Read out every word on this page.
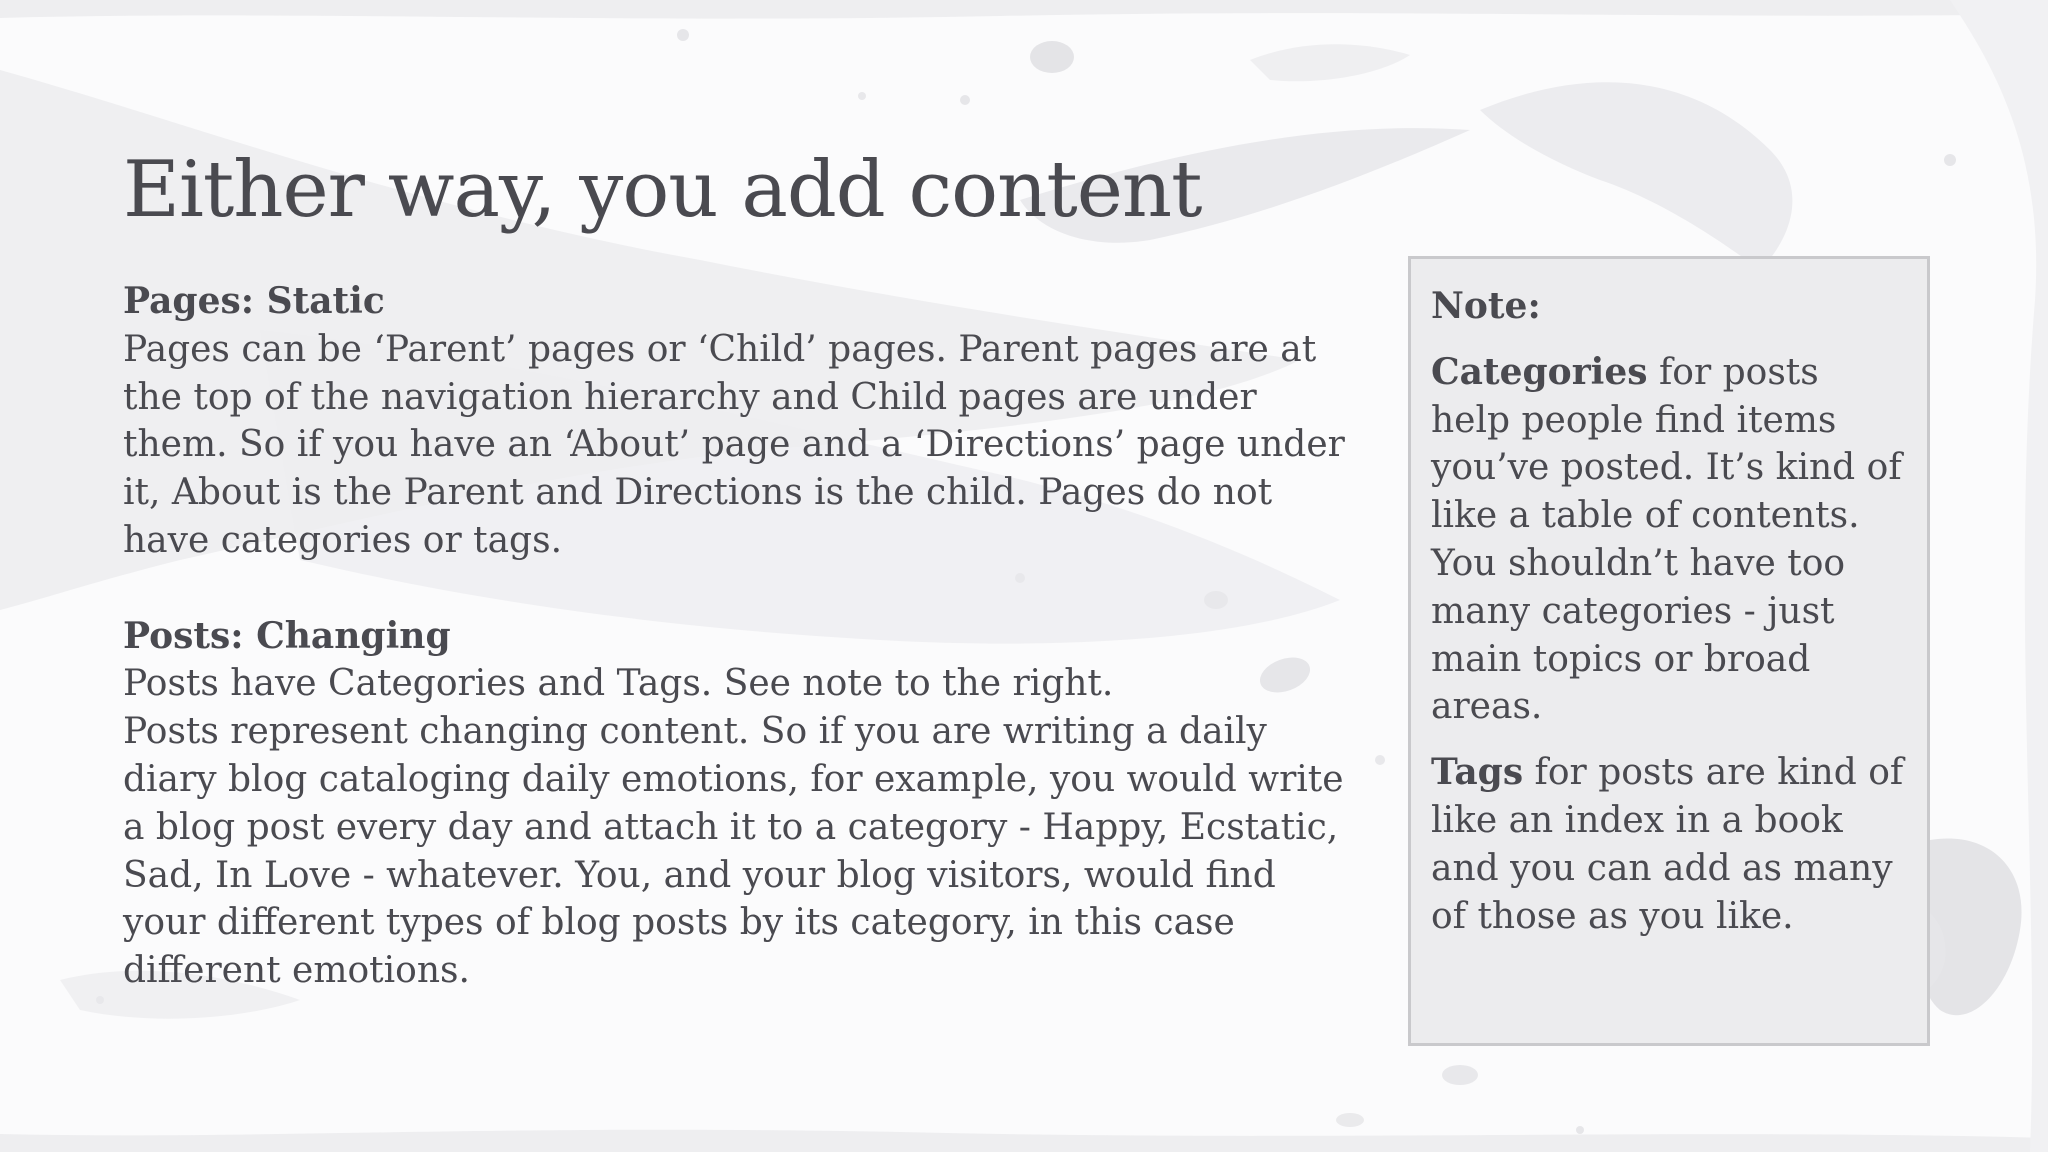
Either way, you add content
Pages: Static
Pages can be ‘Parent’ pages or ‘Child’ pages. Parent pages are at the top of the navigation hierarchy and Child pages are under them. So if you have an ‘About’ page and a ‘Directions’ page under it, About is the Parent and Directions is the child. Pages do not have categories or tags.
Posts: Changing
Posts have Categories and Tags. See note to the right.
Posts represent changing content. So if you are writing a daily diary blog cataloging daily emotions, for example, you would write a blog post every day and attach it to a category - Happy, Ecstatic, Sad, In Love - whatever. You, and your blog visitors, would find your different types of blog posts by its category, in this case different emotions.

Note:

Categories for posts help people find items you’ve posted. It’s kind of like a table of contents. You shouldn’t have too many categories - just main topics or broad areas.

Tags for posts are kind of like an index in a book and you can add as many of those as you like.
